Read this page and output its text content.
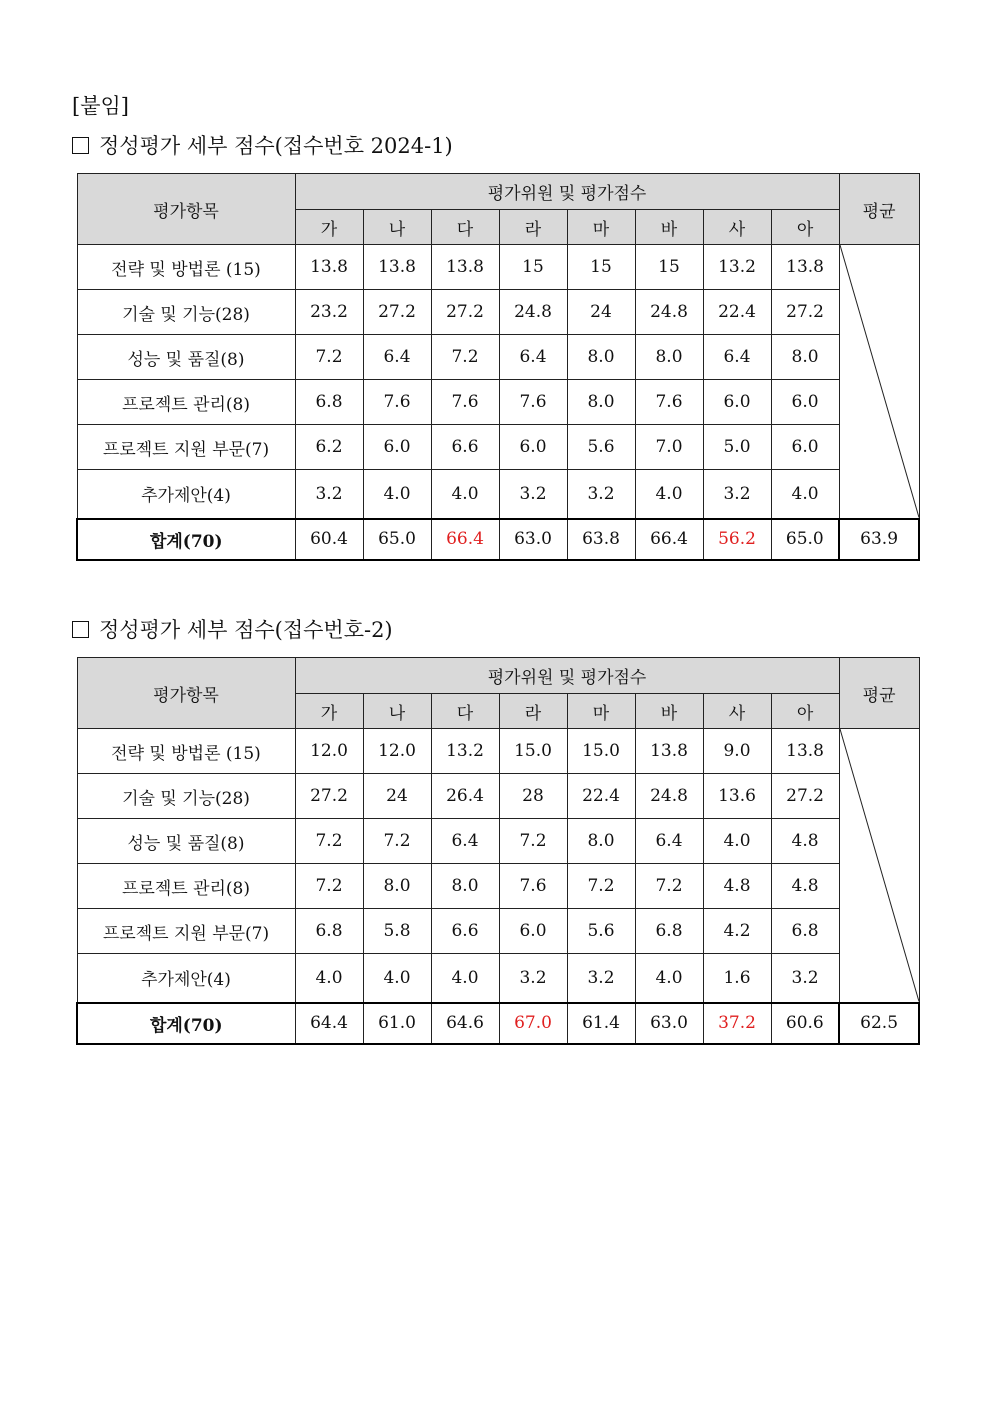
[붙임]
정성평가 세부 점수(접수번호 2024-1)
평가항목	평가위원 및 평가점수								평균
	가	나	다	라	마	바	사	아	
전략 및 방법론 (15)	13.8	13.8	13.8	15	15	15	13.2	13.8	

기술 및 기능(28)	23.2	27.2	27.2	24.8	24	24.8	22.4	27.2	
성능 및 품질(8)	7.2	6.4	7.2	6.4	8.0	8.0	6.4	8.0	
프로젝트 관리(8)	6.8	7.6	7.6	7.6	8.0	7.6	6.0	6.0	
프로젝트 지원 부문(7)	6.2	6.0	6.6	6.0	5.6	7.0	5.0	6.0	
추가제안(4)	3.2	4.0	4.0	3.2	3.2	4.0	3.2	4.0	
합계(70)	60.4	65.0	66.4	63.0	63.8	66.4	56.2	65.0	63.9
정성평가 세부 점수(접수번호-2)
평가항목	평가위원 및 평가점수								평균
	가	나	다	라	마	바	사	아	
전략 및 방법론 (15)	12.0	12.0	13.2	15.0	15.0	13.8	9.0	13.8	

기술 및 기능(28)	27.2	24	26.4	28	22.4	24.8	13.6	27.2	
성능 및 품질(8)	7.2	7.2	6.4	7.2	8.0	6.4	4.0	4.8	
프로젝트 관리(8)	7.2	8.0	8.0	7.6	7.2	7.2	4.8	4.8	
프로젝트 지원 부문(7)	6.8	5.8	6.6	6.0	5.6	6.8	4.2	6.8	
추가제안(4)	4.0	4.0	4.0	3.2	3.2	4.0	1.6	3.2	
합계(70)	64.4	61.0	64.6	67.0	61.4	63.0	37.2	60.6	62.5
